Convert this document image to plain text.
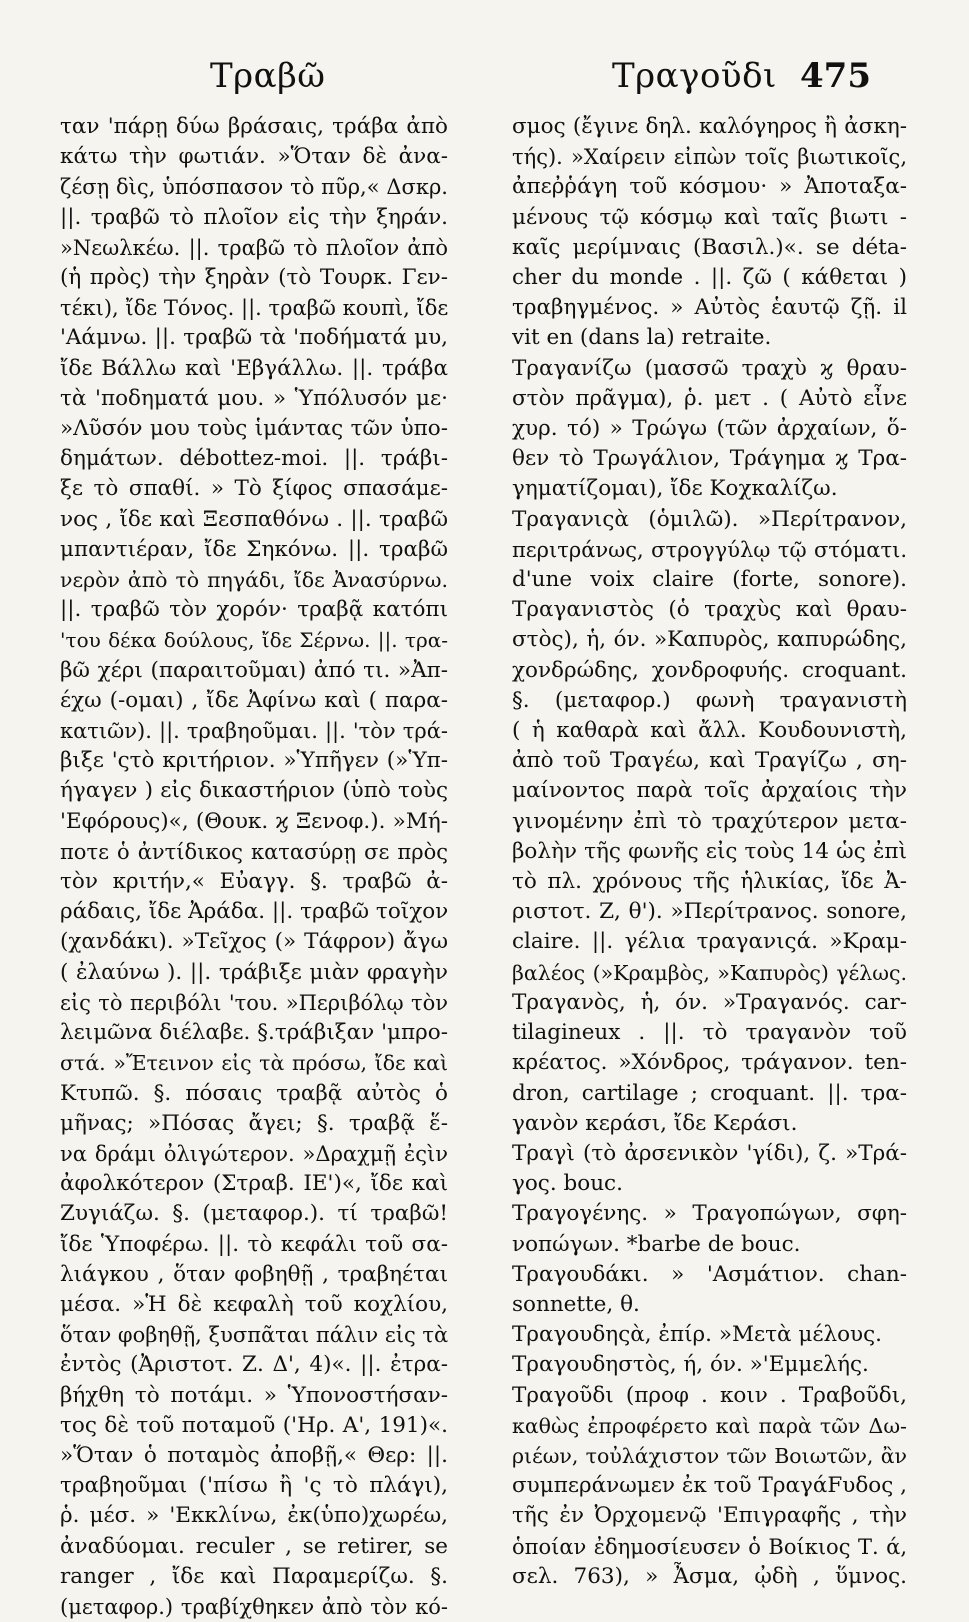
Τραβῶ	Τραγοῦδι 475
ταν 'πάρῃ δύω βράσαις, τράβα ἀπὸ
κάτω τὴν φωτιάν. »Ὅταν δὲ ἀνα-
ζέσῃ δὶς, ὑπόσπασον τὸ πῦρ,« Δσκρ.
||. τραβῶ τὸ πλοῖον εἰς τὴν ξηράν.
»Νεωλκέω. ||. τραβῶ τὸ πλοῖον ἀπὸ
(ἡ πρὸς) τὴν ξηρὰν (τὸ Τουρκ. Γεν-
τέκι), ἴδε Τόνος. ||. τραβῶ κουπὶ, ἴδε
'Αάμνω. ||. τραβῶ τὰ 'ποδήματά μυ,
ἴδε Βάλλω καὶ 'Εβγάλλω. ||. τράβα
τὰ 'ποδηματά μου. » Ὑπόλυσόν με·
»Λῦσόν μου τοὺς ἱμάντας τῶν ὑπο-
δημάτων. débottez-moi. ||. τράβι-
ξε τὸ σπαθί. » Τὸ ξίφος σπασάμε-
νος , ἴδε καὶ Ξεσπαθόνω . ||. τραβῶ
μπαντιέραν, ἴδε Σηκόνω. ||. τραβῶ
νερὸν ἀπὸ τὸ πηγάδι, ἴδε Ἀνασύρνω.
||. τραβῶ τὸν χορόν· τραβᾷ κατόπι
'του δέκα δούλους, ἴδε Σέρνω. ||. τρα-
βῶ χέρι (παραιτοῦμαι) ἀπό τι. »Ἀπ-
έχω (-ομαι) , ἴδε Ἀφίνω καὶ ( παρα-
κατιῶν). ||. τραβηοῦμαι. ||. 'τὸν τρά-
βιξε 'ςτὸ κριτήριον. »Ὑπῆγεν (»Ὑπ-
ήγαγεν ) εἰς δικαστήριον (ὑπὸ τοὺς
'Εφόρους)«, (Θουκ. ϗ Ξενοφ.). »Μή-
ποτε ὁ ἀντίδικος κατασύρῃ σε πρὸς
τὸν κριτήν,« Εὐαγγ. §. τραβῶ ἀ-
ράδαις, ἴδε Ἀράδα. ||. τραβῶ τοῖχον
(χανδάκι). »Τεῖχος (» Τάφρον) ἄγω
( ἐλαύνω ). ||. τράβιξε μιὰν φραγὴν
εἰς τὸ περιβόλι 'του. »Περιβόλῳ τὸν
λειμῶνα διέλαβε. §.τράβιξαν 'μπρο-
στά. »Ἔτεινον εἰς τὰ πρόσω, ἴδε καὶ
Κτυπῶ. §. πόσαις τραβᾷ αὐτὸς ὁ
μῆνας; »Πόσας ἄγει; §. τραβᾷ ἕ-
να δράμι ὀλιγώτερον. »Δραχμῇ ἐςὶν
ἀφολκότερον (Στραβ. ΙΕ')«, ἴδε καὶ
Ζυγιάζω. §. (μεταφορ.). τί τραβῶ!
ἴδε Ὑποφέρω. ||. τὸ κεφάλι τοῦ σα-
λιάγκου , ὅταν φοβηθῇ , τραβηέται
μέσα. »Ἡ δὲ κεφαλὴ τοῦ κοχλίου,
ὅταν φοβηθῇ, ξυσπᾶται πάλιν εἰς τὰ
ἐντὸς (Ἀριστοτ. Ζ. Δ', 4)«. ||. ἐτρα-
βήχθη τὸ ποτάμι. » Ὑπονοστήσαν-
τος δὲ τοῦ ποταμοῦ ('Ηρ. Α', 191)«.
»Ὅταν ὁ ποταμὸς ἀποβῇ,« Θερ: ||.
τραβηοῦμαι ('πίσω ἢ 'ς τὸ πλάγι),
ῥ. μέσ. » 'Εκκλίνω, ἐκ(ὑπο)χωρέω,
ἀναδύομαι. reculer , se retirer, se
ranger , ἴδε καὶ Παραμερίζω. §.
(μεταφορ.) τραβίχθηκεν ἀπὸ τὸν κό-
σμος (ἔγινε δηλ. καλόγηρος ἢ ἀσκη-
τής). »Χαίρειν εἰπὼν τοῖς βιωτικοῖς,
ἀπεῤῥάγη τοῦ κόσμου· » Ἀποταξα-
μένους τῷ κόσμῳ καὶ ταῖς βιωτι -
καῖς μερίμναις (Βασιλ.)«. se déta-
cher du monde . ||. ζῶ ( κάθεται )
τραβηγμένος. » Αὐτὸς ἑαυτῷ ζῇ. il
vit en (dans la) retraite.
Τραγανίζω (μασσῶ τραχὺ ϗ θραυ-
στὸν πρᾶγμα), ῥ. μετ . ( Αὐτὸ εἶνε
χυρ. τό) » Τρώγω (τῶν ἀρχαίων, ὅ-
θεν τὸ Τρωγάλιον, Τράγημα ϗ Τρα-
γηματίζομαι), ἴδε Κοχκαλίζω.
Τραγανιςὰ (ὁμιλῶ). »Περίτρανον,
περιτράνως, στρογγύλῳ τῷ στόματι.
d'une voix claire (forte, sonore).
Τραγανιστὸς (ὁ τραχὺς καὶ θραυ-
στὸς), ἡ, όν. »Καπυρὸς, καπυρώδης,
χονδρώδης, χονδροφυής. croquant.
§. (μεταφορ.) φωνὴ τραγανιστὴ
( ἡ καθαρὰ καὶ ἄλλ. Κουδουνιστὴ,
ἀπὸ τοῦ Τραγέω, καὶ Τραγίζω , ση-
μαίνοντος παρὰ τοῖς ἀρχαίοις τὴν
γινομένην ἐπὶ τὸ τραχύτερον μετα-
βολὴν τῆς φωνῆς εἰς τοὺς 14 ὡς ἐπὶ
τὸ πλ. χρόνους τῆς ἡλικίας, ἴδε Ἀ-
ριστοτ. Ζ, θ'). »Περίτρανος. sonore,
claire. ||. γέλια τραγανιςά. »Κραμ-
βαλέος (»Κραμβὸς, »Καπυρὸς) γέλως.
Τραγανὸς, ἡ, όν. »Τραγανός. car-
tilagineux . ||. τὸ τραγανὸν τοῦ
κρέατος. »Χόνδρος, τράγανον. ten-
dron, cartilage ; croquant. ||. τρα-
γανὸν κεράσι, ἴδε Κεράσι.
Τραγὶ (τὸ ἀρσενικὸν 'γίδι), ζ. »Τρά-
γος. bouc.
Τραγογένης. » Τραγοπώγων, σφη-
νοπώγων. *barbe de bouc.
Τραγουδάκι. » 'Ασμάτιον. chan-
sonnette, θ.
Τραγουδηςὰ, ἐπίρ. »Μετὰ μέλους.
Τραγουδηστὸς, ή, όν. »'Εμμελής.
Τραγοῦδι (προφ . κοιν . Τραβοῦδι,
καθὼς ἐπροφέρετο καὶ παρὰ τῶν Δω-
ριέων, τοὐλάχιστον τῶν Βοιωτῶν, ἂν
συμπεράνωμεν ἐκ τοῦ ΤραγάFυδος ,
τῆς ἐν Ὀρχομενῷ 'Επιγραφῆς , τὴν
ὁποίαν ἐδημοσίευσεν ὁ Βοίκιος Τ. ά,
σελ. 763), » Ἆσμα, ᾠδὴ , ὕμνος.
